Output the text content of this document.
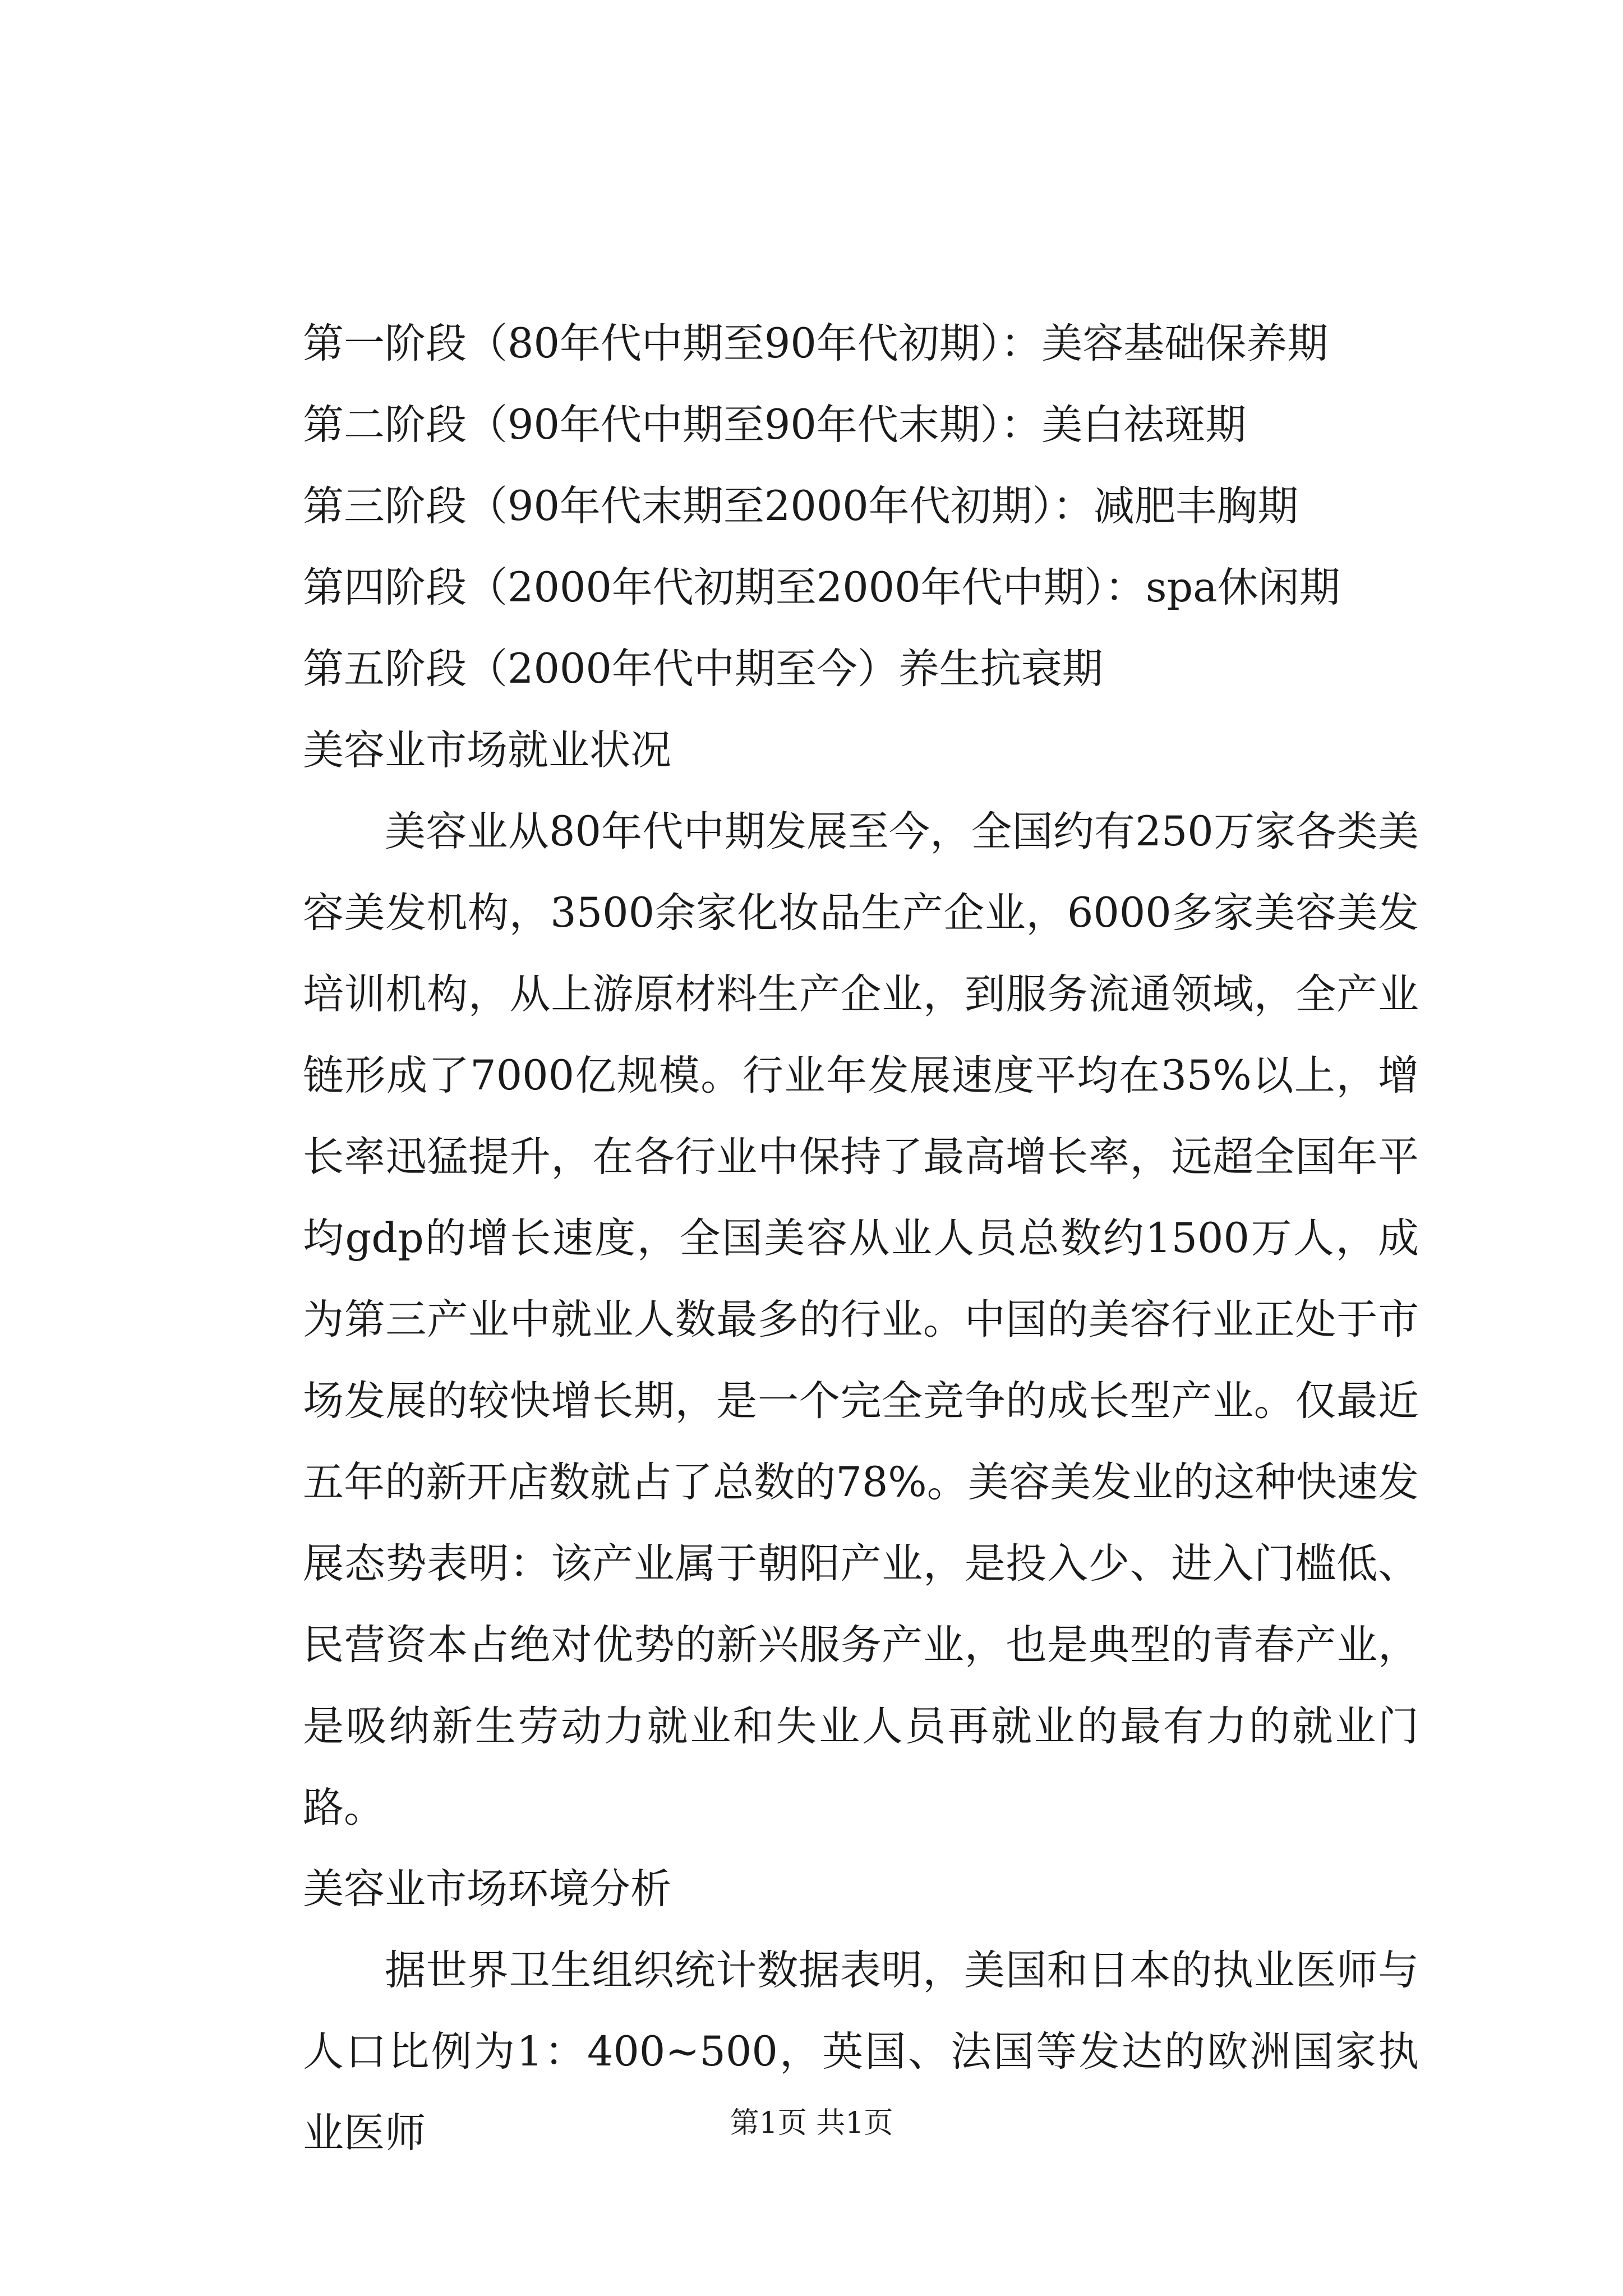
第一阶段（80年代中期至90年代初期）：美容基础保养期
第二阶段（90年代中期至90年代末期）：美白祛斑期
第三阶段（90年代末期至2000年代初期）：减肥丰胸期
第四阶段（2000年代初期至2000年代中期）：spa休闲期
第五阶段（2000年代中期至今）养生抗衰期
美容业市场就业状况

美容业从80年代中期发展至今，全国约有250万家各类美容美发机构，3500余家化妆品生产企业，6000多家美容美发培训机构，从上游原材料生产企业，到服务流通领域，全产业链形成了7000亿规模。行业年发展速度平均在35%以上，增长率迅猛提升，在各行业中保持了最高增长率，远超全国年平均gdp的增长速度，全国美容从业人员总数约1500万人，成为第三产业中就业人数最多的行业。中国的美容行业正处于市场发展的较快增长期，是一个完全竞争的成长型产业。仅最近五年的新开店数就占了总数的78%。美容美发业的这种快速发展态势表明：该产业属于朝阳产业，是投入少、进入门槛低、民营资本占绝对优势的新兴服务产业，也是典型的青春产业，是吸纳新生劳动力就业和失业人员再就业的最有力的就业门路。

美容业市场环境分析

据世界卫生组织统计数据表明，美国和日本的执业医师与人口比例为1：400~500，英国、法国等发达的欧洲国家执业医师	第1页 共1页
